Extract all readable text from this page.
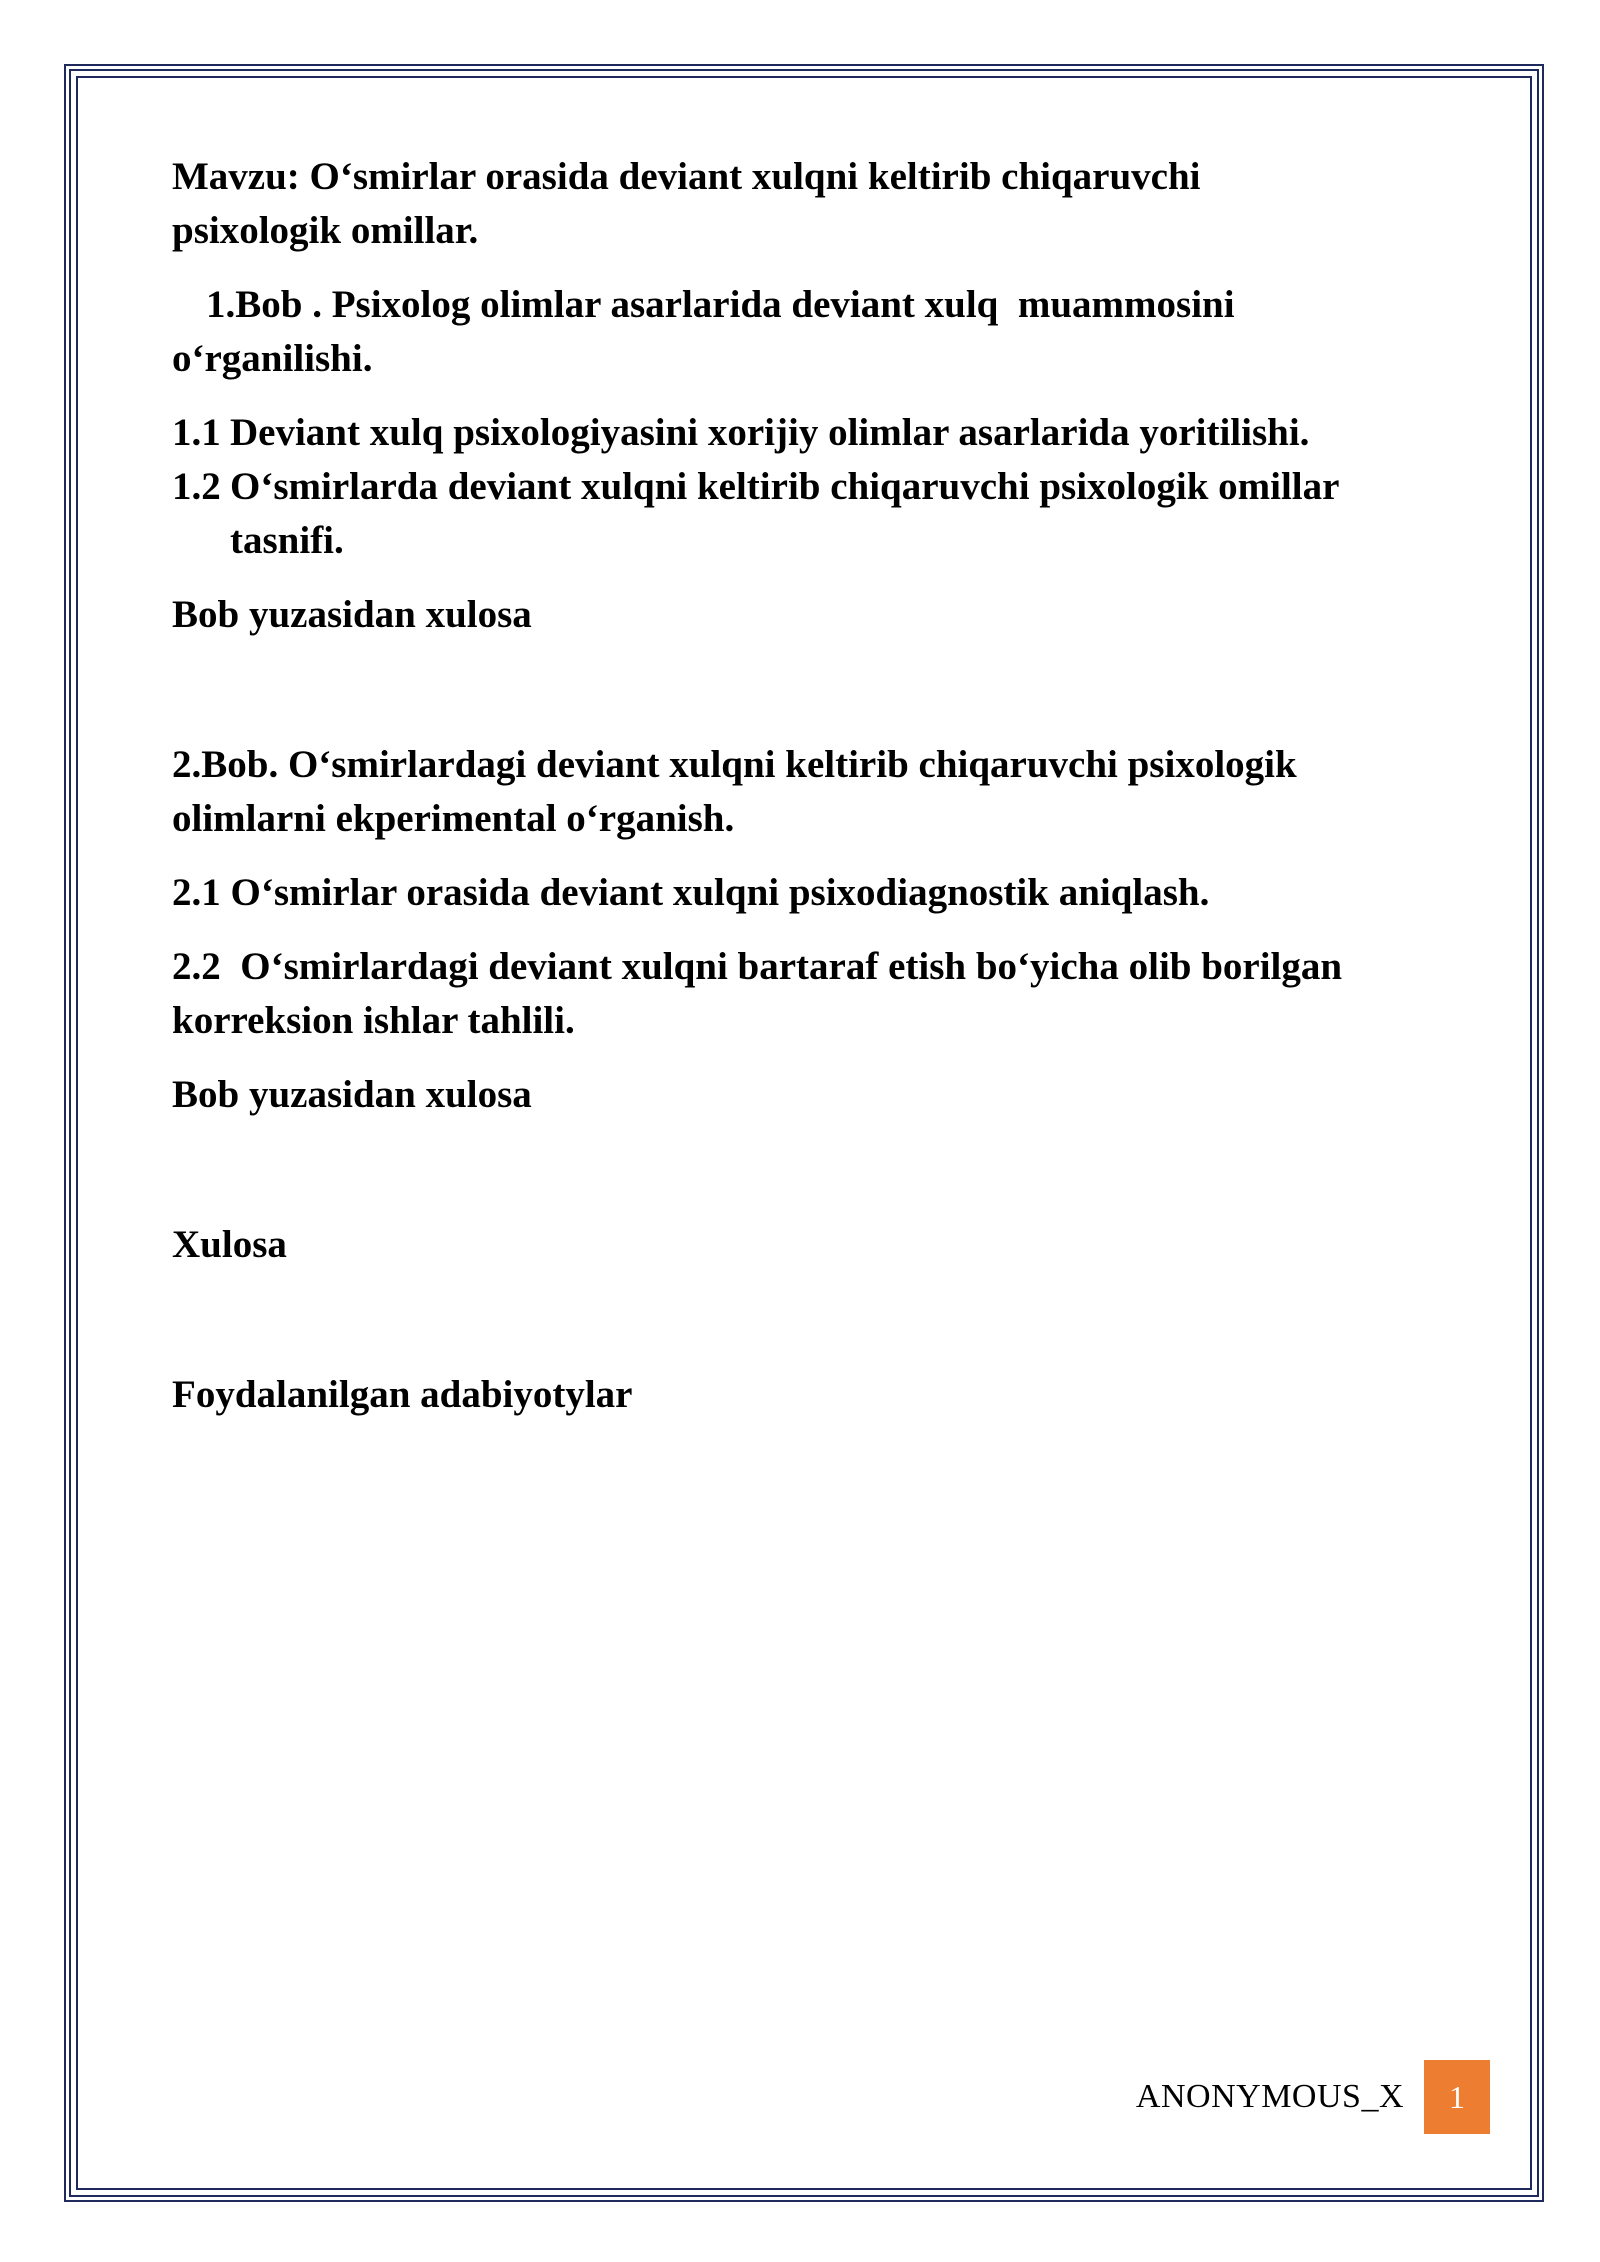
Mavzu: O‘smirlar orasida deviant xulqni keltirib chiqaruvchi
psixologik omillar.

1.Bob . Psixolog olimlar asarlarida deviant xulq  muammosini
o‘rganilishi.

1.1 Deviant xulq psixologiyasini xorijiy olimlar asarlarida yoritilishi.
1.2 O‘smirlarda deviant xulqni keltirib chiqaruvchi psixologik omillar
tasnifi.

Bob yuzasidan xulosa

2.Bob. O‘smirlardagi deviant xulqni keltirib chiqaruvchi psixologik
olimlarni ekperimental o‘rganish.

2.1 O‘smirlar orasida deviant xulqni psixodiagnostik aniqlash.

2.2  O‘smirlardagi deviant xulqni bartaraf etish bo‘yicha olib borilgan
korreksion ishlar tahlili.

Bob yuzasidan xulosa

Xulosa

Foydalanilgan adabiyotylar

ANONYMOUS_X	1
